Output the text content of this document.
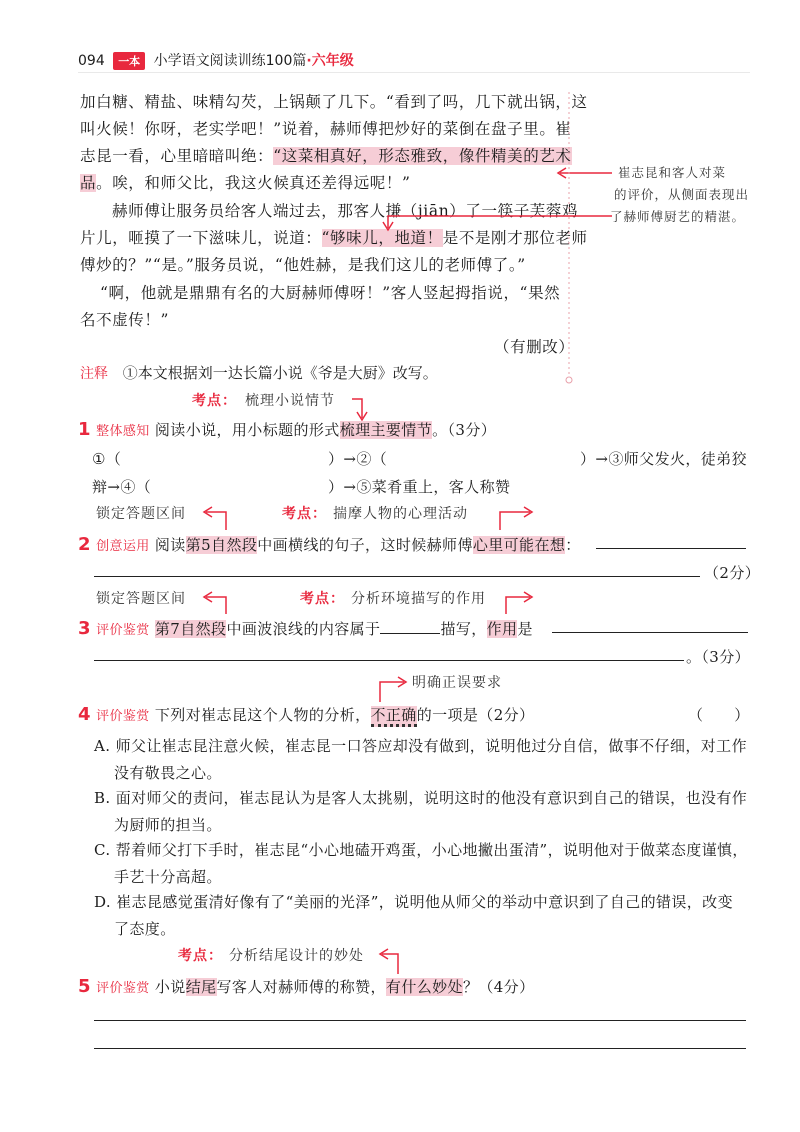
094 一本 小学语文阅读训练100篇·六年级
加白糖、精盐、味精勾芡，上锅颠了几下。“看到了吗，几下就出锅，这
叫火候！你呀，老实学吧！”说着，赫师傅把炒好的菜倒在盘子里。崔
志昆一看，心里暗暗叫绝：“这菜相真好，形态雅致，像件精美的艺术
品。唉，和师父比，我这火候真还差得远呢！”
赫师傅让服务员给客人端过去，那客人搛（jiān）了一筷子芙蓉鸡
片儿，咂摸了一下滋味儿，说道：“够味儿，地道！是不是刚才那位老师
傅炒的？”“是。”服务员说，“他姓赫，是我们这儿的老师傅了。”
“啊，他就是鼎鼎有名的大厨赫师傅呀！”客人竖起拇指说，“果然
名不虚传！”
（有删改）
崔志昆和客人对菜
的评价，从侧面表现出
了赫师傅厨艺的精湛。
注释 ①本文根据刘一达长篇小说《爷是大厨》改写。
考点： 梳理小说情节
1 整体感知 阅读小说，用小标题的形式梳理主要情节。（3分）
①（	）→②（	）→③师父发火，徒弟狡
辩→④（	）→⑤菜肴重上，客人称赞
锁定答题区间	考点： 揣摩人物的心理活动
2 创意运用 阅读第5自然段中画横线的句子，这时候赫师傅心里可能在想：
（2分）
锁定答题区间	考点： 分析环境描写的作用
3 评价鉴赏 第7自然段中画波浪线的内容属于	描写，作用是
。（3分）
明确正误要求
4 评价鉴赏 下列对崔志昆这个人物的分析，不正确的一项是（2分）	（　　）
A. 师父让崔志昆注意火候，崔志昆一口答应却没有做到，说明他过分自信，做事不仔细，对工作
没有敬畏之心。
B. 面对师父的责问，崔志昆认为是客人太挑剔，说明这时的他没有意识到自己的错误，也没有作
为厨师的担当。
C. 帮着师父打下手时，崔志昆“小心地磕开鸡蛋，小心地撇出蛋清”，说明他对于做菜态度谨慎，
手艺十分高超。
D. 崔志昆感觉蛋清好像有了“美丽的光泽”，说明他从师父的举动中意识到了自己的错误，改变
了态度。
考点： 分析结尾设计的妙处
5 评价鉴赏 小说结尾写客人对赫师傅的称赞，有什么妙处？（4分）
